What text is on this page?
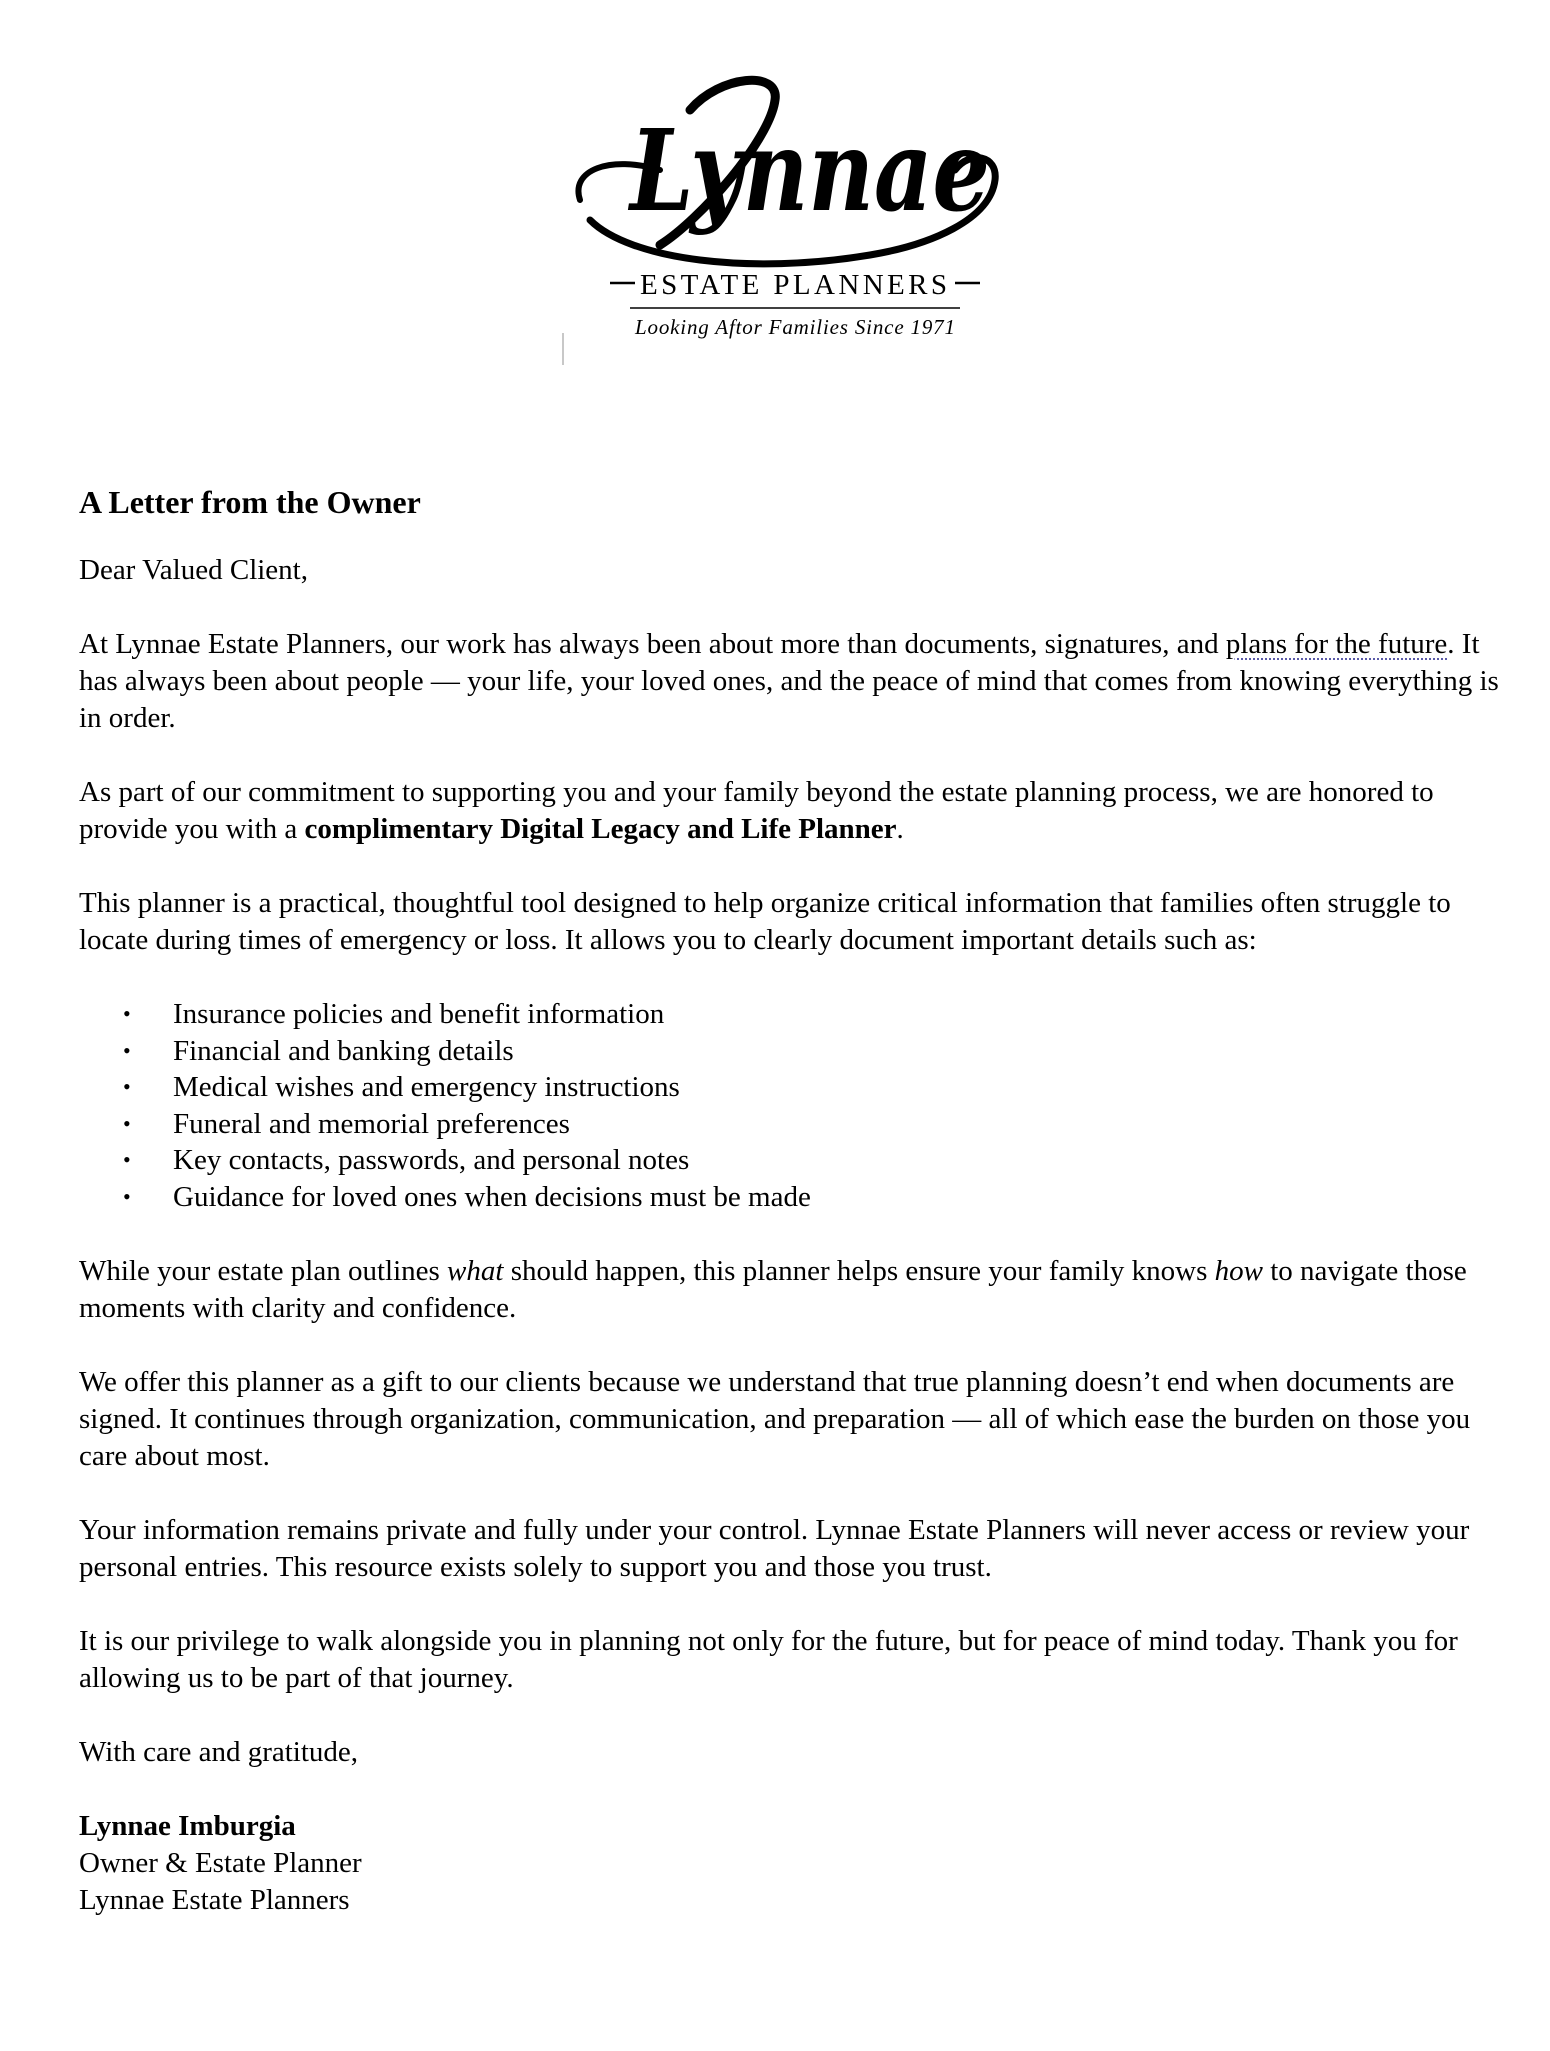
Lynnae
ESTATE PLANNERS
Looking Aftor Families Since 1971
A Letter from the Owner

Dear Valued Client,

At Lynnae Estate Planners, our work has always been about more than documents, signatures, and plans for the future. It has always been about people — your life, your loved ones, and the peace of mind that comes from knowing everything is in order.

As part of our commitment to supporting you and your family beyond the estate planning process, we are honored to provide you with a complimentary Digital Legacy and Life Planner.

This planner is a practical, thoughtful tool designed to help organize critical information that families often struggle to locate during times of emergency or loss. It allows you to clearly document important details such as:

• Insurance policies and benefit information
• Financial and banking details
• Medical wishes and emergency instructions
• Funeral and memorial preferences
• Key contacts, passwords, and personal notes
• Guidance for loved ones when decisions must be made

While your estate plan outlines what should happen, this planner helps ensure your family knows how to navigate those moments with clarity and confidence.

We offer this planner as a gift to our clients because we understand that true planning doesn’t end when documents are signed. It continues through organization, communication, and preparation — all of which ease the burden on those you care about most.

Your information remains private and fully under your control. Lynnae Estate Planners will never access or review your personal entries. This resource exists solely to support you and those you trust.

It is our privilege to walk alongside you in planning not only for the future, but for peace of mind today. Thank you for allowing us to be part of that journey.

With care and gratitude,

Lynnae Imburgia

Owner & Estate Planner

Lynnae Estate Planners
